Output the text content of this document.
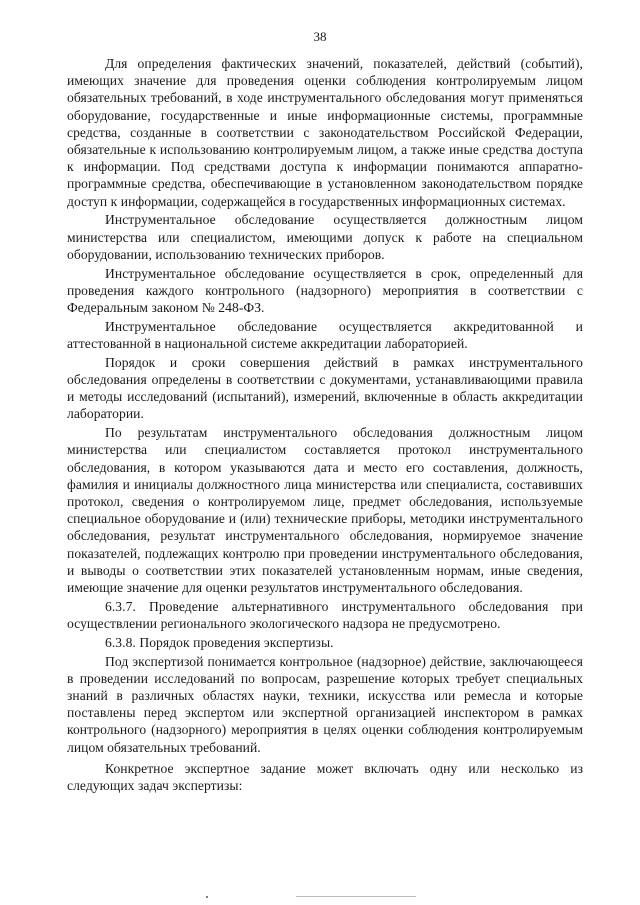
38

Для определения фактических значений, показателей, действий (событий), имеющих значение для проведения оценки соблюдения контролируемым лицом обязательных требований, в ходе инструментального обследования могут применяться оборудование, государственные и иные информационные системы, программные средства, созданные в соответствии с законодательством Российской Федерации, обязательные к использованию контролируемым лицом, а также иные средства доступа к информации. Под средствами доступа к информации понимаются аппаратно-программные средства, обеспечивающие в установленном законодательством порядке доступ к информации, содержащейся в государственных информационных системах.

Инструментальное обследование осуществляется должностным лицом министерства или специалистом, имеющими допуск к работе на специальном оборудовании, использованию технических приборов.

Инструментальное обследование осуществляется в срок, определенный для проведения каждого контрольного (надзорного) мероприятия в соответствии с Федеральным законом № 248-ФЗ.

Инструментальное обследование осуществляется аккредитованной и аттестованной в национальной системе аккредитации лабораторией.

Порядок и сроки совершения действий в рамках инструментального обследования определены в соответствии с документами, устанавливающими правила и методы исследований (испытаний), измерений, включенные в область аккредитации лаборатории.

По результатам инструментального обследования должностным лицом министерства или специалистом составляется протокол инструментального обследования, в котором указываются дата и место его составления, должность, фамилия и инициалы должностного лица министерства или специалиста, составивших протокол, сведения о контролируемом лице, предмет обследования, используемые специальное оборудование и (или) технические приборы, методики инструментального обследования, результат инструментального обследования, нормируемое значение показателей, подлежащих контролю при проведении инструментального обследования, и выводы о соответствии этих показателей установленным нормам, иные сведения, имеющие значение для оценки результатов инструментального обследования.

6.3.7. Проведение альтернативного инструментального обследования при осуществлении регионального экологического надзора не предусмотрено.

6.3.8. Порядок проведения экспертизы.

Под экспертизой понимается контрольное (надзорное) действие, заключающееся в проведении исследований по вопросам, разрешение которых требует специальных знаний в различных областях науки, техники, искусства или ремесла и которые поставлены перед экспертом или экспертной организацией инспектором в рамках контрольного (надзорного) мероприятия в целях оценки соблюдения контролируемым лицом обязательных требований.

Конкретное экспертное задание может включать одну или несколько из следующих задач экспертизы:
